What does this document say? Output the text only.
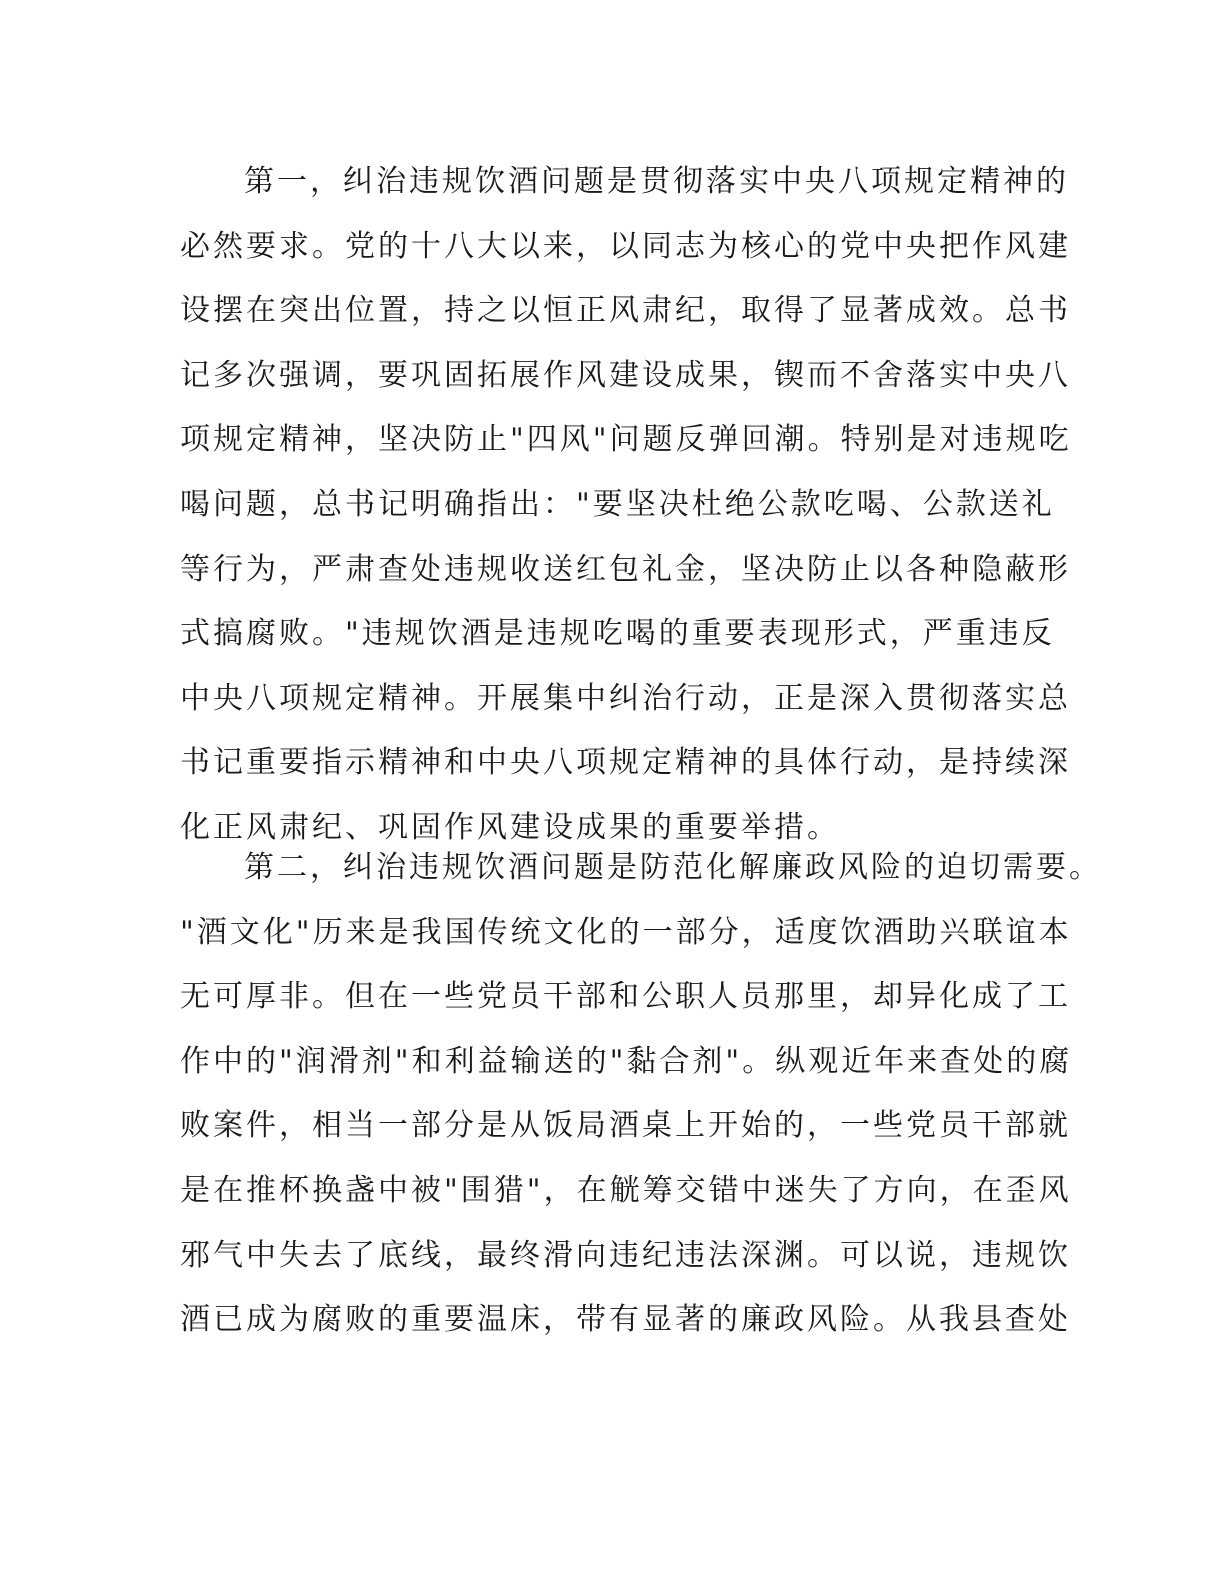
第一，纠治违规饮酒问题是贯彻落实中央八项规定精神的
必然要求。党的十八大以来，以同志为核心的党中央把作风建
设摆在突出位置，持之以恒正风肃纪，取得了显著成效。总书
记多次强调，要巩固拓展作风建设成果，锲而不舍落实中央八
项规定精神，坚决防止"四风"问题反弹回潮。特别是对违规吃
喝问题，总书记明确指出："要坚决杜绝公款吃喝、公款送礼
等行为，严肃查处违规收送红包礼金，坚决防止以各种隐蔽形
式搞腐败。"违规饮酒是违规吃喝的重要表现形式，严重违反
中央八项规定精神。开展集中纠治行动，正是深入贯彻落实总
书记重要指示精神和中央八项规定精神的具体行动，是持续深
化正风肃纪、巩固作风建设成果的重要举措。
第二，纠治违规饮酒问题是防范化解廉政风险的迫切需要。
"酒文化"历来是我国传统文化的一部分，适度饮酒助兴联谊本
无可厚非。但在一些党员干部和公职人员那里，却异化成了工
作中的"润滑剂"和利益输送的"黏合剂"。纵观近年来查处的腐
败案件，相当一部分是从饭局酒桌上开始的，一些党员干部就
是在推杯换盏中被"围猎"，在觥筹交错中迷失了方向，在歪风
邪气中失去了底线，最终滑向违纪违法深渊。可以说，违规饮
酒已成为腐败的重要温床，带有显著的廉政风险。从我县查处
